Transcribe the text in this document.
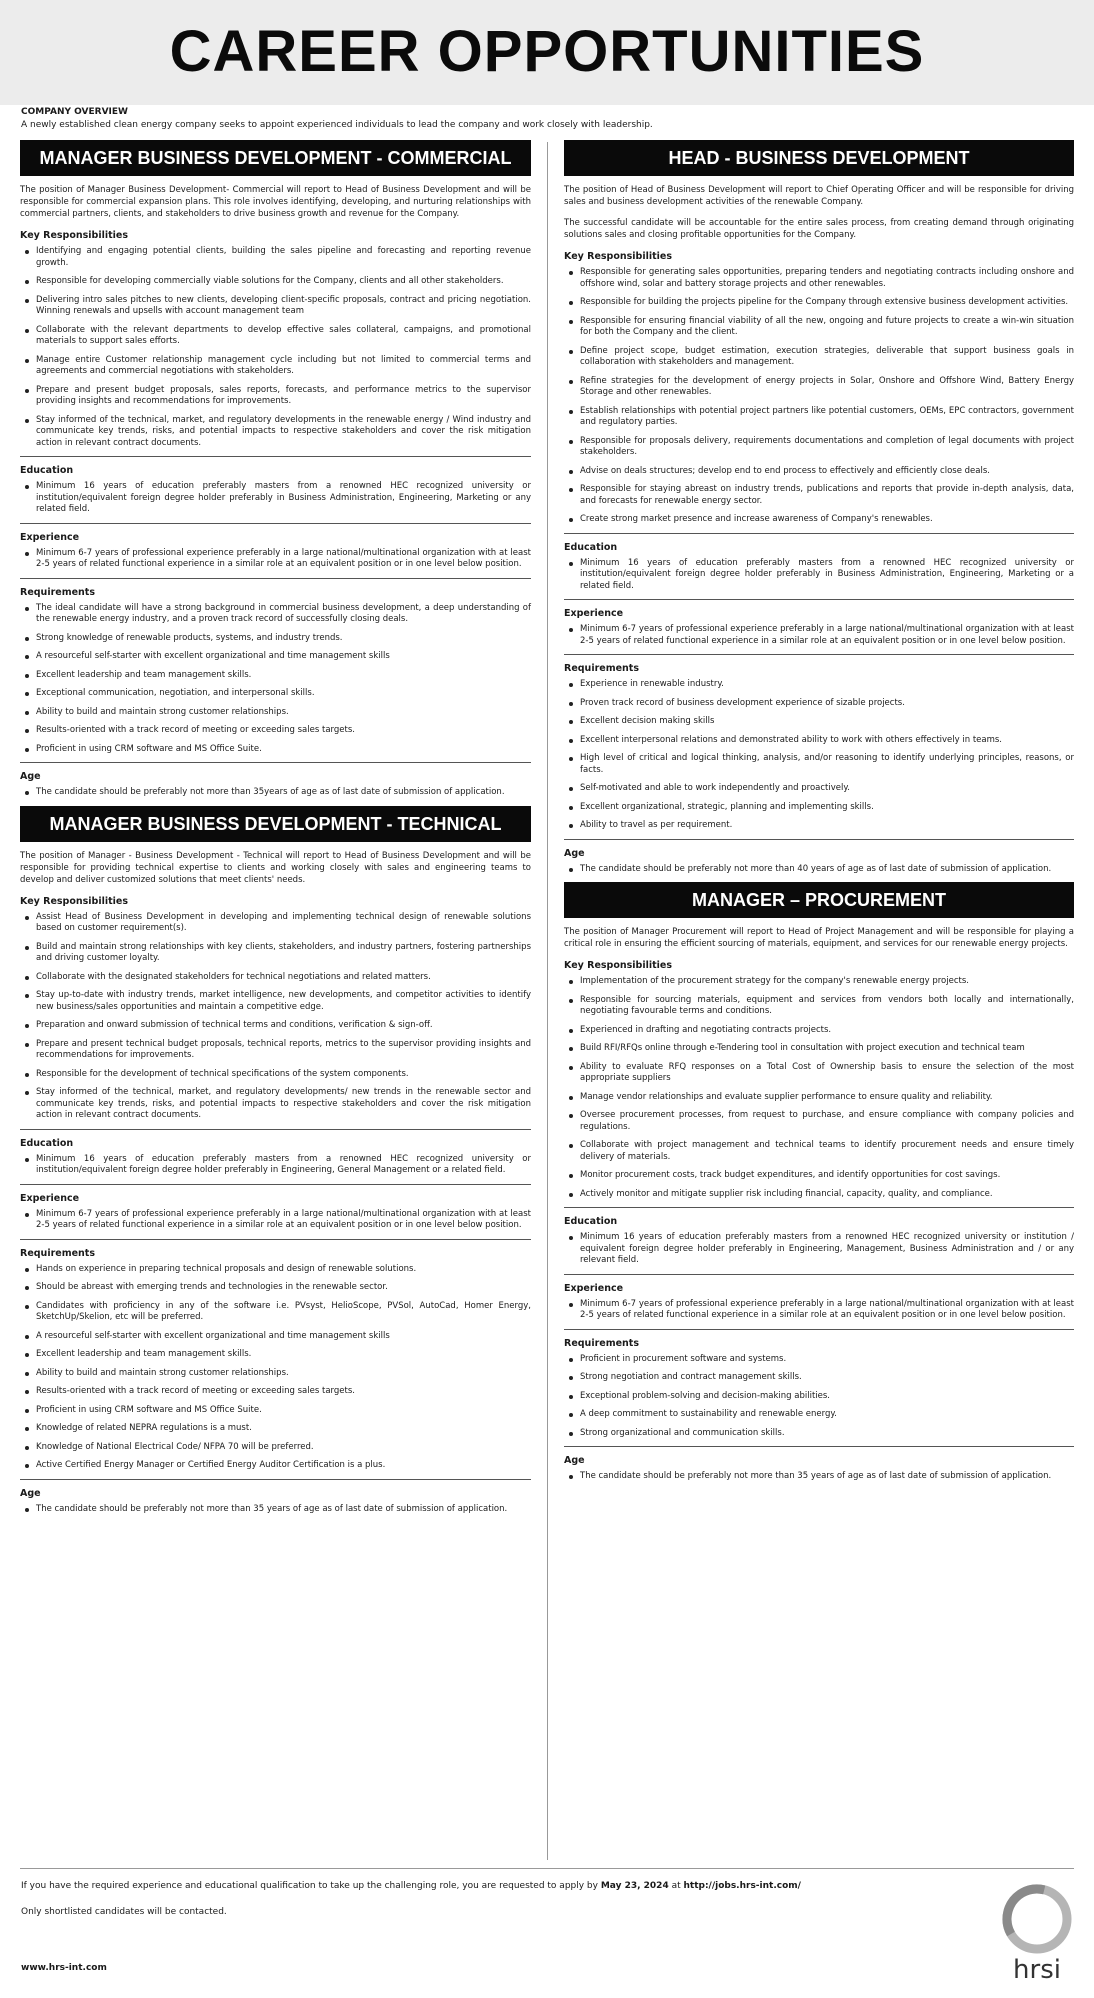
CAREER OPPORTUNITIES
COMPANY OVERVIEW
A newly established clean energy company seeks to appoint experienced individuals to lead the company and work closely with leadership.
MANAGER BUSINESS DEVELOPMENT - COMMERCIAL

The position of Manager Business Development- Commercial will report to Head of Business Development and will be responsible for commercial expansion plans. This role involves identifying, developing, and nurturing relationships with commercial partners, clients, and stakeholders to drive business growth and revenue for the Company.

Key Responsibilities
Identifying and engaging potential clients, building the sales pipeline and forecasting and reporting revenue growth.
Responsible for developing commercially viable solutions for the Company, clients and all other stakeholders.
Delivering intro sales pitches to new clients, developing client-specific proposals, contract and pricing negotiation. Winning renewals and upsells with account management team
Collaborate with the relevant departments to develop effective sales collateral, campaigns, and promotional materials to support sales efforts.
Manage entire Customer relationship management cycle including but not limited to commercial terms and agreements and commercial negotiations with stakeholders.
Prepare and present budget proposals, sales reports, forecasts, and performance metrics to the supervisor providing insights and recommendations for improvements.
Stay informed of the technical, market, and regulatory developments in the renewable energy / Wind industry and communicate key trends, risks, and potential impacts to respective stakeholders and cover the risk mitigation action in relevant contract documents.
Education
Minimum 16 years of education preferably masters from a renowned HEC recognized university or institution/equivalent foreign degree holder preferably in Business Administration, Engineering, Marketing or any related field.
Experience
Minimum 6-7 years of professional experience preferably in a large national/multinational organization with at least 2-5 years of related functional experience in a similar role at an equivalent position or in one level below position.
Requirements
The ideal candidate will have a strong background in commercial business development, a deep understanding of the renewable energy industry, and a proven track record of successfully closing deals.
Strong knowledge of renewable products, systems, and industry trends.
A resourceful self-starter with excellent organizational and time management skills
Excellent leadership and team management skills.
Exceptional communication, negotiation, and interpersonal skills.
Ability to build and maintain strong customer relationships.
Results-oriented with a track record of meeting or exceeding sales targets.
Proficient in using CRM software and MS Office Suite.
Age
The candidate should be preferably not more than 35years of age as of last date of submission of application.
MANAGER BUSINESS DEVELOPMENT - TECHNICAL

The position of Manager - Business Development - Technical will report to Head of Business Development and will be responsible for providing technical expertise to clients and working closely with sales and engineering teams to develop and deliver customized solutions that meet clients' needs.

Key Responsibilities
Assist Head of Business Development in developing and implementing technical design of renewable solutions based on customer requirement(s).
Build and maintain strong relationships with key clients, stakeholders, and industry partners, fostering partnerships and driving customer loyalty.
Collaborate with the designated stakeholders for technical negotiations and related matters.
Stay up-to-date with industry trends, market intelligence, new developments, and competitor activities to identify new business/sales opportunities and maintain a competitive edge.
Preparation and onward submission of technical terms and conditions, verification & sign-off.
Prepare and present technical budget proposals, technical reports, metrics to the supervisor providing insights and recommendations for improvements.
Responsible for the development of technical specifications of the system components.
Stay informed of the technical, market, and regulatory developments/ new trends in the renewable sector and communicate key trends, risks, and potential impacts to respective stakeholders and cover the risk mitigation action in relevant contract documents.
Education
Minimum 16 years of education preferably masters from a renowned HEC recognized university or institution/equivalent foreign degree holder preferably in Engineering, General Management or a related field.
Experience
Minimum 6-7 years of professional experience preferably in a large national/multinational organization with at least 2-5 years of related functional experience in a similar role at an equivalent position or in one level below position.
Requirements
Hands on experience in preparing technical proposals and design of renewable solutions.
Should be abreast with emerging trends and technologies in the renewable sector.
Candidates with proficiency in any of the software i.e. PVsyst, HelioScope, PVSol, AutoCad, Homer Energy, SketchUp/Skelion, etc will be preferred.
A resourceful self-starter with excellent organizational and time management skills
Excellent leadership and team management skills.
Ability to build and maintain strong customer relationships.
Results-oriented with a track record of meeting or exceeding sales targets.
Proficient in using CRM software and MS Office Suite.
Knowledge of related NEPRA regulations is a must.
Knowledge of National Electrical Code/ NFPA 70 will be preferred.
Active Certified Energy Manager or Certified Energy Auditor Certification is a plus.
Age
The candidate should be preferably not more than 35 years of age as of last date of submission of application.
HEAD - BUSINESS DEVELOPMENT

The position of Head of Business Development will report to Chief Operating Officer and will be responsible for driving sales and business development activities of the renewable Company.

The successful candidate will be accountable for the entire sales process, from creating demand through originating solutions sales and closing profitable opportunities for the Company.

Key Responsibilities
Responsible for generating sales opportunities, preparing tenders and negotiating contracts including onshore and offshore wind, solar and battery storage projects and other renewables.
Responsible for building the projects pipeline for the Company through extensive business development activities.
Responsible for ensuring financial viability of all the new, ongoing and future projects to create a win-win situation for both the Company and the client.
Define project scope, budget estimation, execution strategies, deliverable that support business goals in collaboration with stakeholders and management.
Refine strategies for the development of energy projects in Solar, Onshore and Offshore Wind, Battery Energy Storage and other renewables.
Establish relationships with potential project partners like potential customers, OEMs, EPC contractors, government and regulatory parties.
Responsible for proposals delivery, requirements documentations and completion of legal documents with project stakeholders.
Advise on deals structures; develop end to end process to effectively and efficiently close deals.
Responsible for staying abreast on industry trends, publications and reports that provide in-depth analysis, data, and forecasts for renewable energy sector.
Create strong market presence and increase awareness of Company's renewables.
Education
Minimum 16 years of education preferably masters from a renowned HEC recognized university or institution/equivalent foreign degree holder preferably in Business Administration, Engineering, Marketing or a related field.
Experience
Minimum 6-7 years of professional experience preferably in a large national/multinational organization with at least 2-5 years of related functional experience in a similar role at an equivalent position or in one level below position.
Requirements
Experience in renewable industry.
Proven track record of business development experience of sizable projects.
Excellent decision making skills
Excellent interpersonal relations and demonstrated ability to work with others effectively in teams.
High level of critical and logical thinking, analysis, and/or reasoning to identify underlying principles, reasons, or facts.
Self-motivated and able to work independently and proactively.
Excellent organizational, strategic, planning and implementing skills.
Ability to travel as per requirement.
Age
The candidate should be preferably not more than 40 years of age as of last date of submission of application.
MANAGER – PROCUREMENT

The position of Manager Procurement will report to Head of Project Management and will be responsible for playing a critical role in ensuring the efficient sourcing of materials, equipment, and services for our renewable energy projects.

Key Responsibilities
Implementation of the procurement strategy for the company's renewable energy projects.
Responsible for sourcing materials, equipment and services from vendors both locally and internationally, negotiating favourable terms and conditions.
Experienced in drafting and negotiating contracts projects.
Build RFI/RFQs online through e-Tendering tool in consultation with project execution and technical team
Ability to evaluate RFQ responses on a Total Cost of Ownership basis to ensure the selection of the most appropriate suppliers
Manage vendor relationships and evaluate supplier performance to ensure quality and reliability.
Oversee procurement processes, from request to purchase, and ensure compliance with company policies and regulations.
Collaborate with project management and technical teams to identify procurement needs and ensure timely delivery of materials.
Monitor procurement costs, track budget expenditures, and identify opportunities for cost savings.
Actively monitor and mitigate supplier risk including financial, capacity, quality, and compliance.
Education
Minimum 16 years of education preferably masters from a renowned HEC recognized university or institution / equivalent foreign degree holder preferably in Engineering, Management, Business Administration and / or any relevant field.
Experience
Minimum 6-7 years of professional experience preferably in a large national/multinational organization with at least 2-5 years of related functional experience in a similar role at an equivalent position or in one level below position.
Requirements
Proficient in procurement software and systems.
Strong negotiation and contract management skills.
Exceptional problem-solving and decision-making abilities.
A deep commitment to sustainability and renewable energy.
Strong organizational and communication skills.
Age
The candidate should be preferably not more than 35 years of age as of last date of submission of application.
If you have the required experience and educational qualification to take up the challenging role, you are requested to apply by May 23, 2024 at http://jobs.hrs-int.com/
Only shortlisted candidates will be contacted.
www.hrs-int.com	hrsi
